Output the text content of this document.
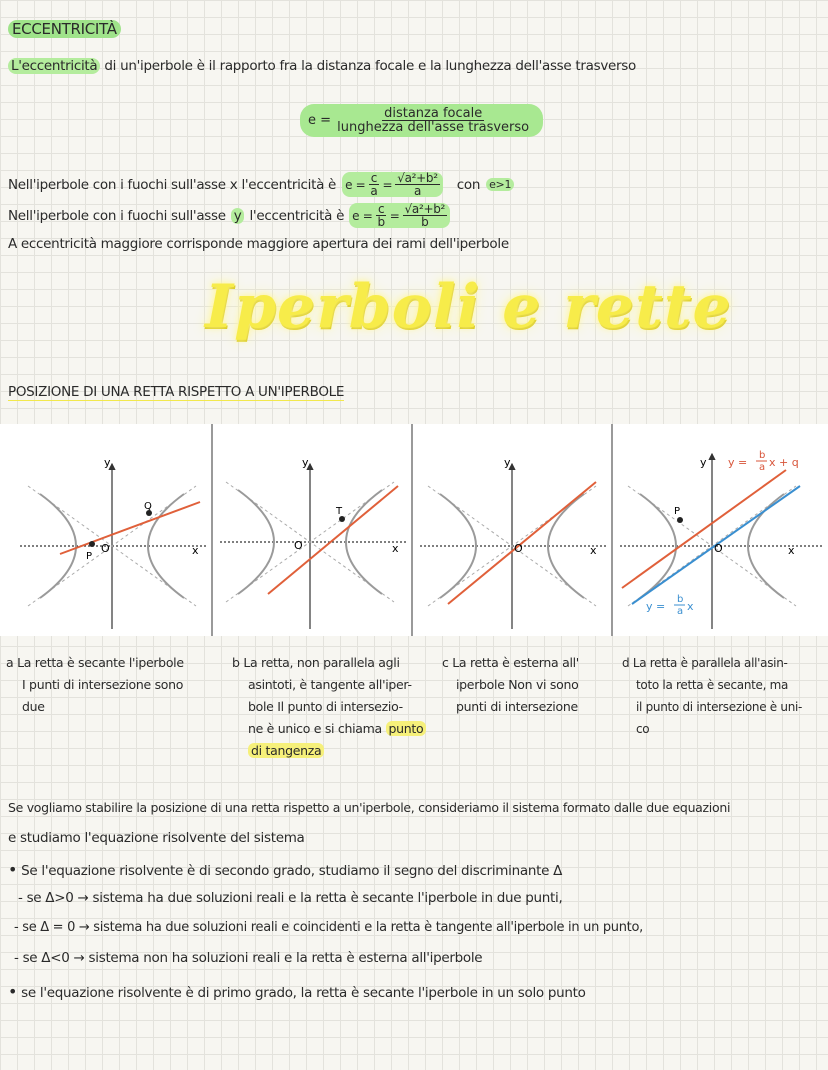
ECCENTRICITÀ
L'eccentricità di un'iperbole è il rapporto fra la distanza focale e la lunghezza dell'asse trasverso
$e = \frac{\text{distanza focale}}{\text{lunghezza dell'asse trasverso}}$
Nell'iperbole con i fuochi sull'asse x l'eccentricità è $e = \frac{c}{a} = \frac{\text{√a²+b²}}{a}$ con e>1
Nell'iperbole con i fuochi sull'asse y l'eccentricità è $e = \frac{c}{b} = \frac{\text{√a²+b²}}{b}$
A eccentricità maggiore corrisponde maggiore apertura dei rami dell'iperbole
Iperboli e rette
POSIZIONE DI UNA RETTA RISPETTO A UN'IPERBOLE
y
x
O
P
Q
y
x
O
T
y
x
O
y
x
O
P
y =
b
a x + q
y =
b
a x
a La retta è secante l'iperbole
I punti di intersezione sono
due
b La retta, non parallela agli
asintoti, è tangente all'iper-
bole Il punto di intersezio-
ne è unico e si chiama punto
di tangenza
c La retta è esterna all'
iperbole Non vi sono
punti di intersezione
d La retta è parallela all'asin-
toto la retta è secante, ma
il punto di intersezione è uni-
co
Se vogliamo stabilire la posizione di una retta rispetto a un'iperbole, consideriamo il sistema formato dalle due equazioni
e studiamo l'equazione risolvente del sistema
• Se l'equazione risolvente è di secondo grado, studiamo il segno del discriminante Δ
- se Δ>0 → sistema ha due soluzioni reali e la retta è secante l'iperbole in due punti,
- se Δ = 0 → sistema ha due soluzioni reali e coincidenti e la retta è tangente all'iperbole in un punto,
- se Δ<0 → sistema non ha soluzioni reali e la retta è esterna all'iperbole
• se l'equazione risolvente è di primo grado, la retta è secante l'iperbole in un solo punto
